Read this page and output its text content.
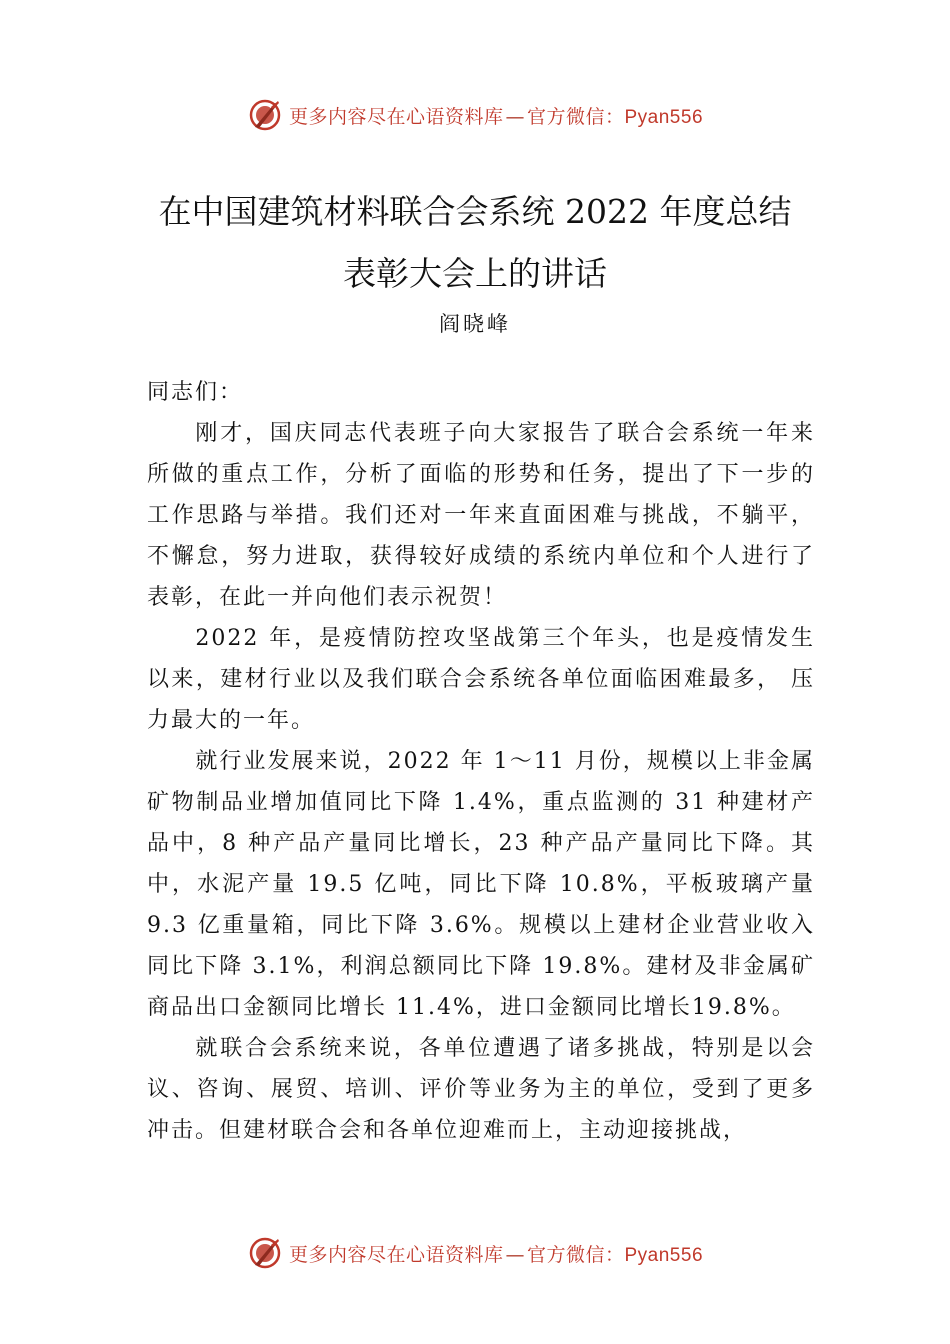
更多内容尽在心语资料库 — 官方微信：Pyan556
在中国建筑材料联合会系统 2022 年度总结
表彰大会上的讲话
阎晓峰

同志们：

刚才，国庆同志代表班子向大家报告了联合会系统一年来所做的重点工作，分析了面临的形势和任务，提出了下一步的工作思路与举措。我们还对一年来直面困难与挑战，不躺平，不懈怠，努力进取，获得较好成绩的系统内单位和个人进行了表彰，在此一并向他们表示祝贺！

2022 年，是疫情防控攻坚战第三个年头，也是疫情发生以来，建材行业以及我们联合会系统各单位面临困难最多， 压力最大的一年。

就行业发展来说，2022 年 1～11 月份，规模以上非金属矿物制品业增加值同比下降 1.4%，重点监测的 31 种建材产品中，8 种产品产量同比增长，23 种产品产量同比下降。其中，水泥产量 19.5 亿吨，同比下降 10.8%，平板玻璃产量9.3 亿重量箱，同比下降 3.6%。规模以上建材企业营业收入同比下降 3.1%，利润总额同比下降 19.8%。建材及非金属矿商品出口金额同比增长 11.4%，进口金额同比增长19.8%。

就联合会系统来说，各单位遭遇了诸多挑战，特别是以会议、咨询、展贸、培训、评价等业务为主的单位，受到了更多冲击。但建材联合会和各单位迎难而上，主动迎接挑战，

更多内容尽在心语资料库 — 官方微信：Pyan556
